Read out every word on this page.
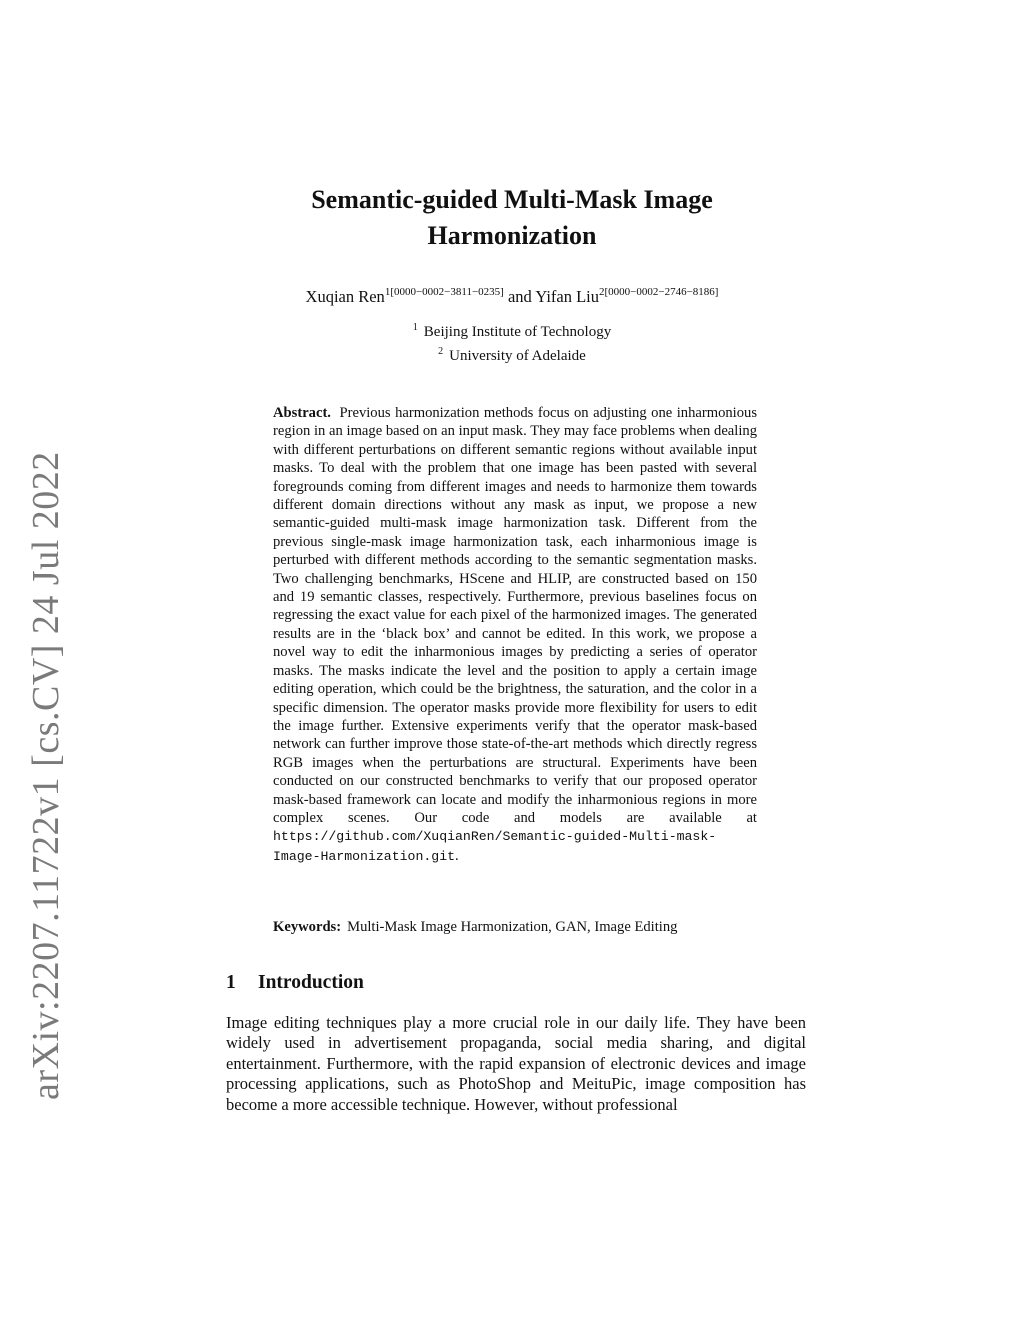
arXiv:2207.11722v1 [cs.CV] 24 Jul 2022
Semantic-guided Multi-Mask Image
Harmonization
Xuqian Ren$^{1[0000-0002-3811-0235]}$ and Yifan Liu$^{2[0000-0002-2746-8186]}$
$^1$ Beijing Institute of Technology
$^2$ University of Adelaide
Abstract. Previous harmonization methods focus on adjusting one inharmonious region in an image based on an input mask. They may face problems when dealing with different perturbations on different semantic regions without available input masks. To deal with the problem that one image has been pasted with several foregrounds coming from different images and needs to harmonize them towards different domain directions without any mask as input, we propose a new semantic-guided multi-mask image harmonization task. Different from the previous single-mask image harmonization task, each inharmonious image is perturbed with different methods according to the semantic segmentation masks. Two challenging benchmarks, HScene and HLIP, are constructed based on 150 and 19 semantic classes, respectively. Furthermore, previous baselines focus on regressing the exact value for each pixel of the harmonized images. The generated results are in the ‘black box’ and cannot be edited. In this work, we propose a novel way to edit the inharmonious images by predicting a series of operator masks. The masks indicate the level and the position to apply a certain image editing operation, which could be the brightness, the saturation, and the color in a specific dimension. The operator masks provide more flexibility for users to edit the image further. Extensive experiments verify that the operator mask-based network can further improve those state-of-the-art methods which directly regress RGB images when the perturbations are structural. Experiments have been conducted on our constructed benchmarks to verify that our proposed operator mask-based framework can locate and modify the inharmonious regions in more complex scenes. Our code and models are available at https://github.com/XuqianRen/Semantic-guided-Multi-mask-Image-Harmonization.git.
Keywords: Multi-Mask Image Harmonization, GAN, Image Editing
1 Introduction
Image editing techniques play a more crucial role in our daily life. They have been widely used in advertisement propaganda, social media sharing, and digital entertainment. Furthermore, with the rapid expansion of electronic devices and image processing applications, such as PhotoShop and MeituPic, image composition has become a more accessible technique. However, without professional
